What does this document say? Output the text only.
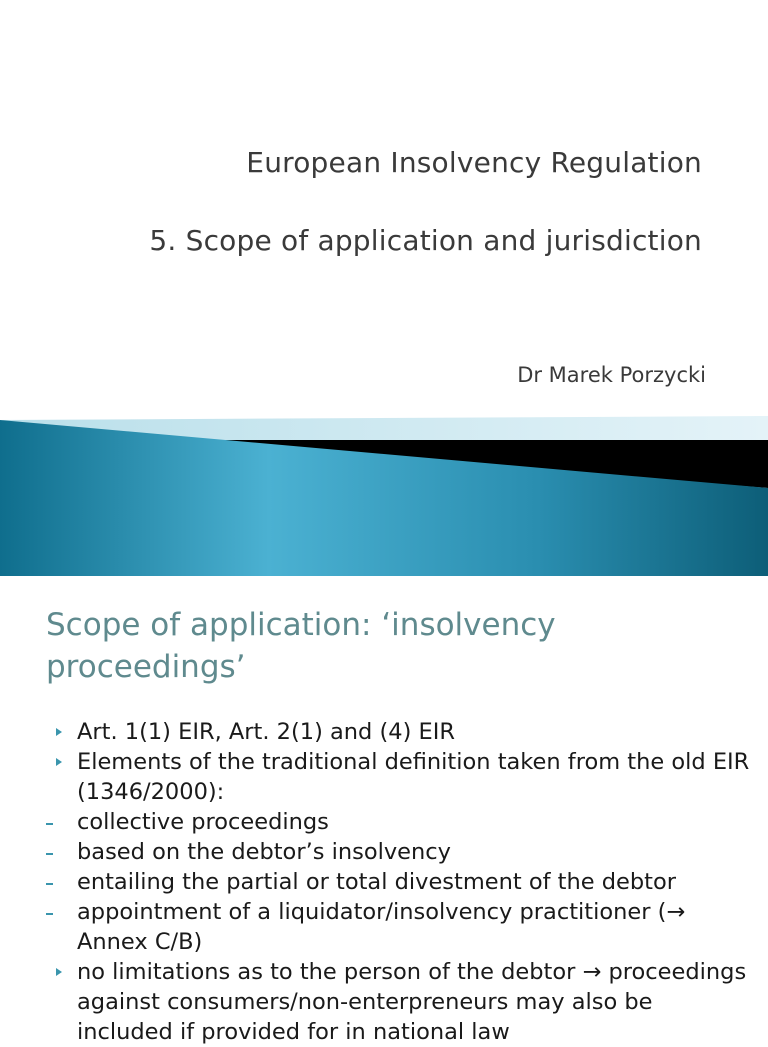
European Insolvency Regulation
5. Scope of application and jurisdiction
Dr Marek Porzycki
Scope of application: ‘insolvency proceedings’
Art. 1(1) EIR, Art. 2(1) and (4) EIR
Elements of the traditional definition taken from the old EIR (1346/2000):
collective proceedings
based on the debtor’s insolvency
entailing the partial or total divestment of the debtor
appointment of a liquidator/insolvency practitioner (→ Annex C/B)
no limitations as to the person of the debtor → proceedings against consumers/non-enterpreneurs may also be included if provided for in national law
